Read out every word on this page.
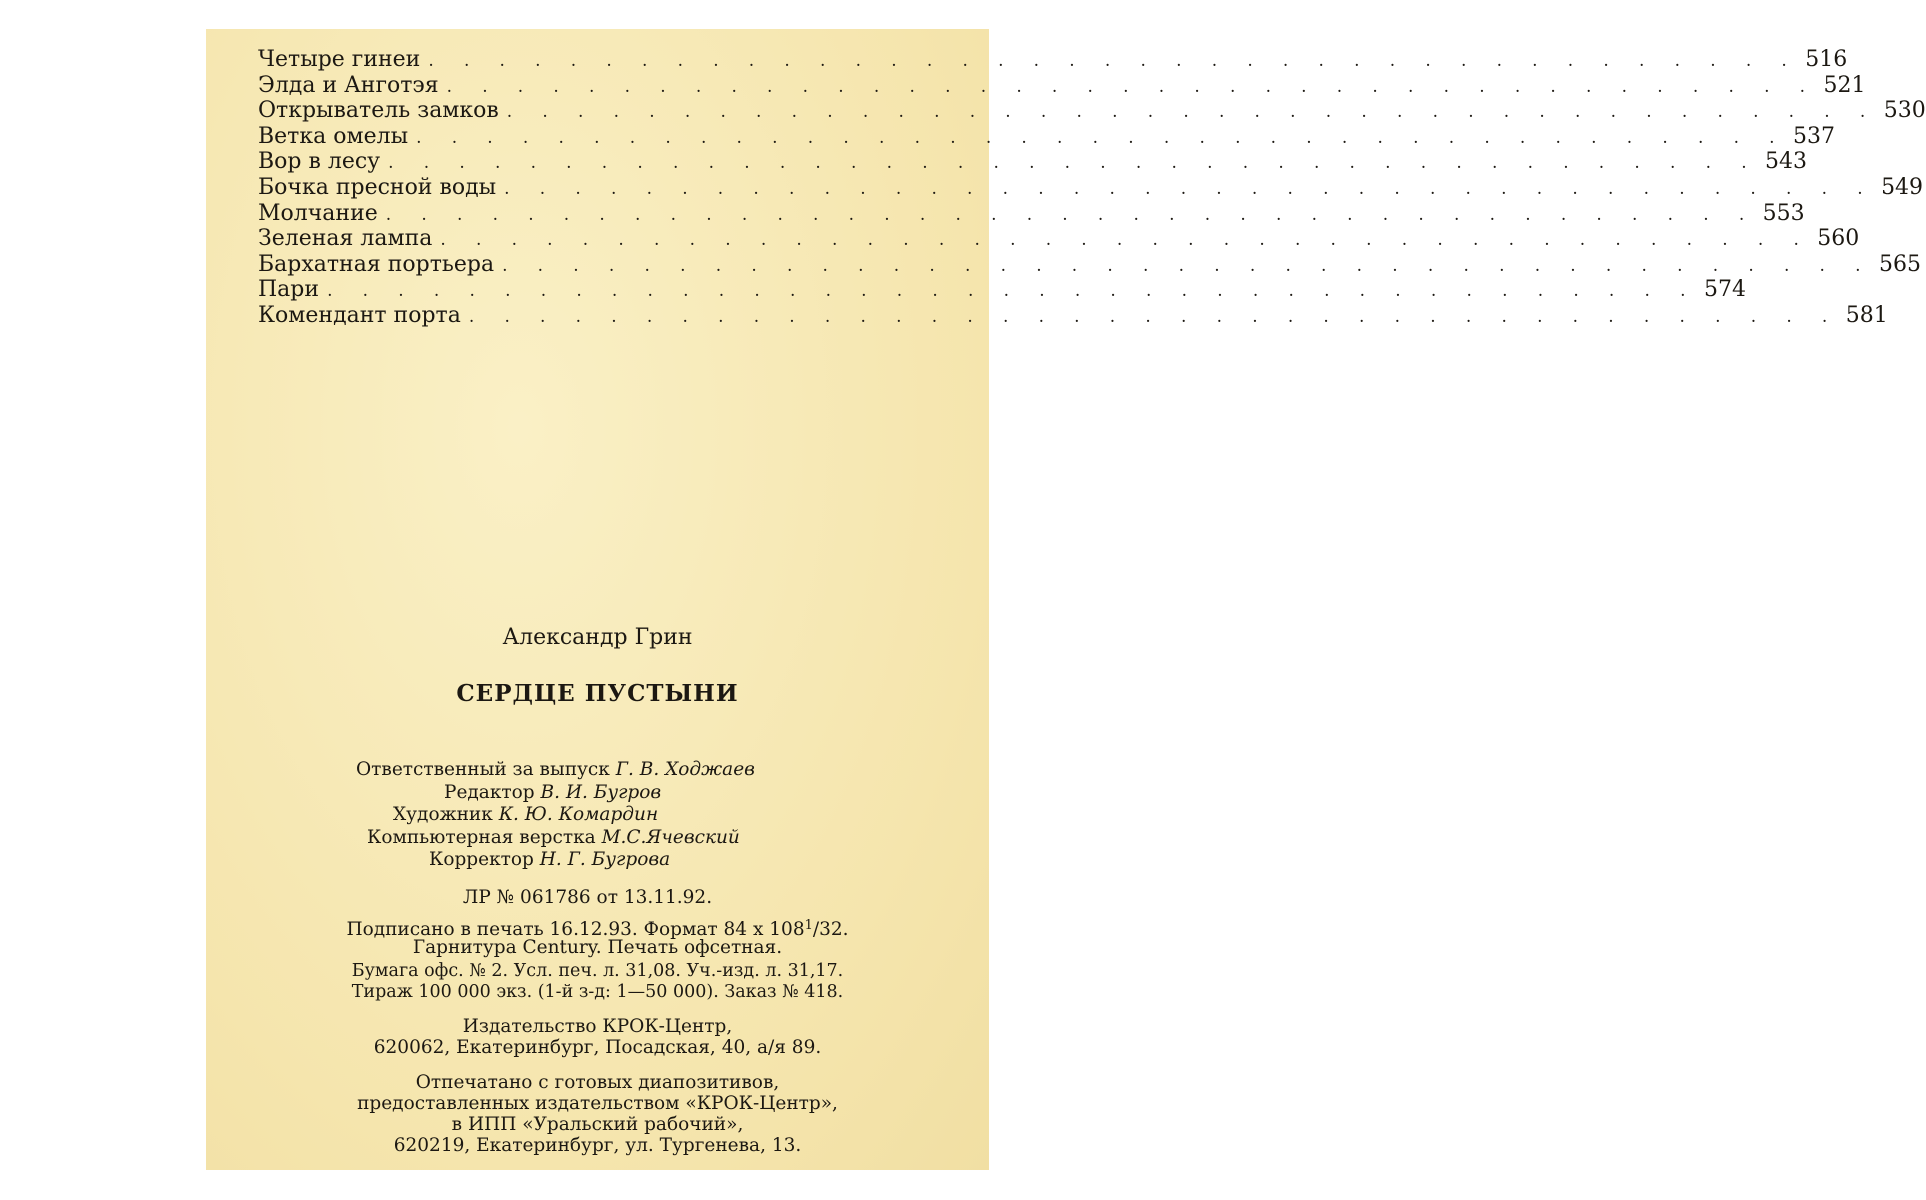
Четыре гинеи . . . . . . . . . . . . . . . . . . . . . . . . . . . . . . . . . . . . . . . 516
Элда и Анготэя . . . . . . . . . . . . . . . . . . . . . . . . . . . . . . . . . . . . . . . 521
Открыватель замков . . . . . . . . . . . . . . . . . . . . . . . . . . . . . . . . . . . . . . . 530
Ветка омелы . . . . . . . . . . . . . . . . . . . . . . . . . . . . . . . . . . . . . . . 537
Вор в лесу . . . . . . . . . . . . . . . . . . . . . . . . . . . . . . . . . . . . . . . 543
Бочка пресной воды . . . . . . . . . . . . . . . . . . . . . . . . . . . . . . . . . . . . . . . 549
Молчание . . . . . . . . . . . . . . . . . . . . . . . . . . . . . . . . . . . . . . . 553
Зеленая лампа . . . . . . . . . . . . . . . . . . . . . . . . . . . . . . . . . . . . . . . 560
Бархатная портьера . . . . . . . . . . . . . . . . . . . . . . . . . . . . . . . . . . . . . . . 565
Пари . . . . . . . . . . . . . . . . . . . . . . . . . . . . . . . . . . . . . . . 574
Комендант порта . . . . . . . . . . . . . . . . . . . . . . . . . . . . . . . . . . . . . . . 581
Александр Грин
СЕРДЦЕ ПУСТЫНИ
Ответственный за выпуск Г. В. Ходжаев
Редактор В. И. Бугров
Художник К. Ю. Комардин
Компьютерная верстка М.С.Ячевский
Корректор Н. Г. Бугрова
ЛР № 061786 от 13.11.92.
Подписано в печать 16.12.93. Формат 84 х $108^1/32$.
Гарнитура Century. Печать офсетная.
Бумага офс. № 2. Усл. печ. л. 31,08. Уч.-изд. л. 31,17.
Тираж 100 000 экз. (1-й з-д: 1—50 000). Заказ № 418.
Издательство КРОК-Центр,
620062, Екатеринбург, Посадская, 40, а/я 89.
Отпечатано с готовых диапозитивов,
предоставленных издательством «КРОК-Центр»,
в ИПП «Уральский рабочий»,
620219, Екатеринбург, ул. Тургенева, 13.
